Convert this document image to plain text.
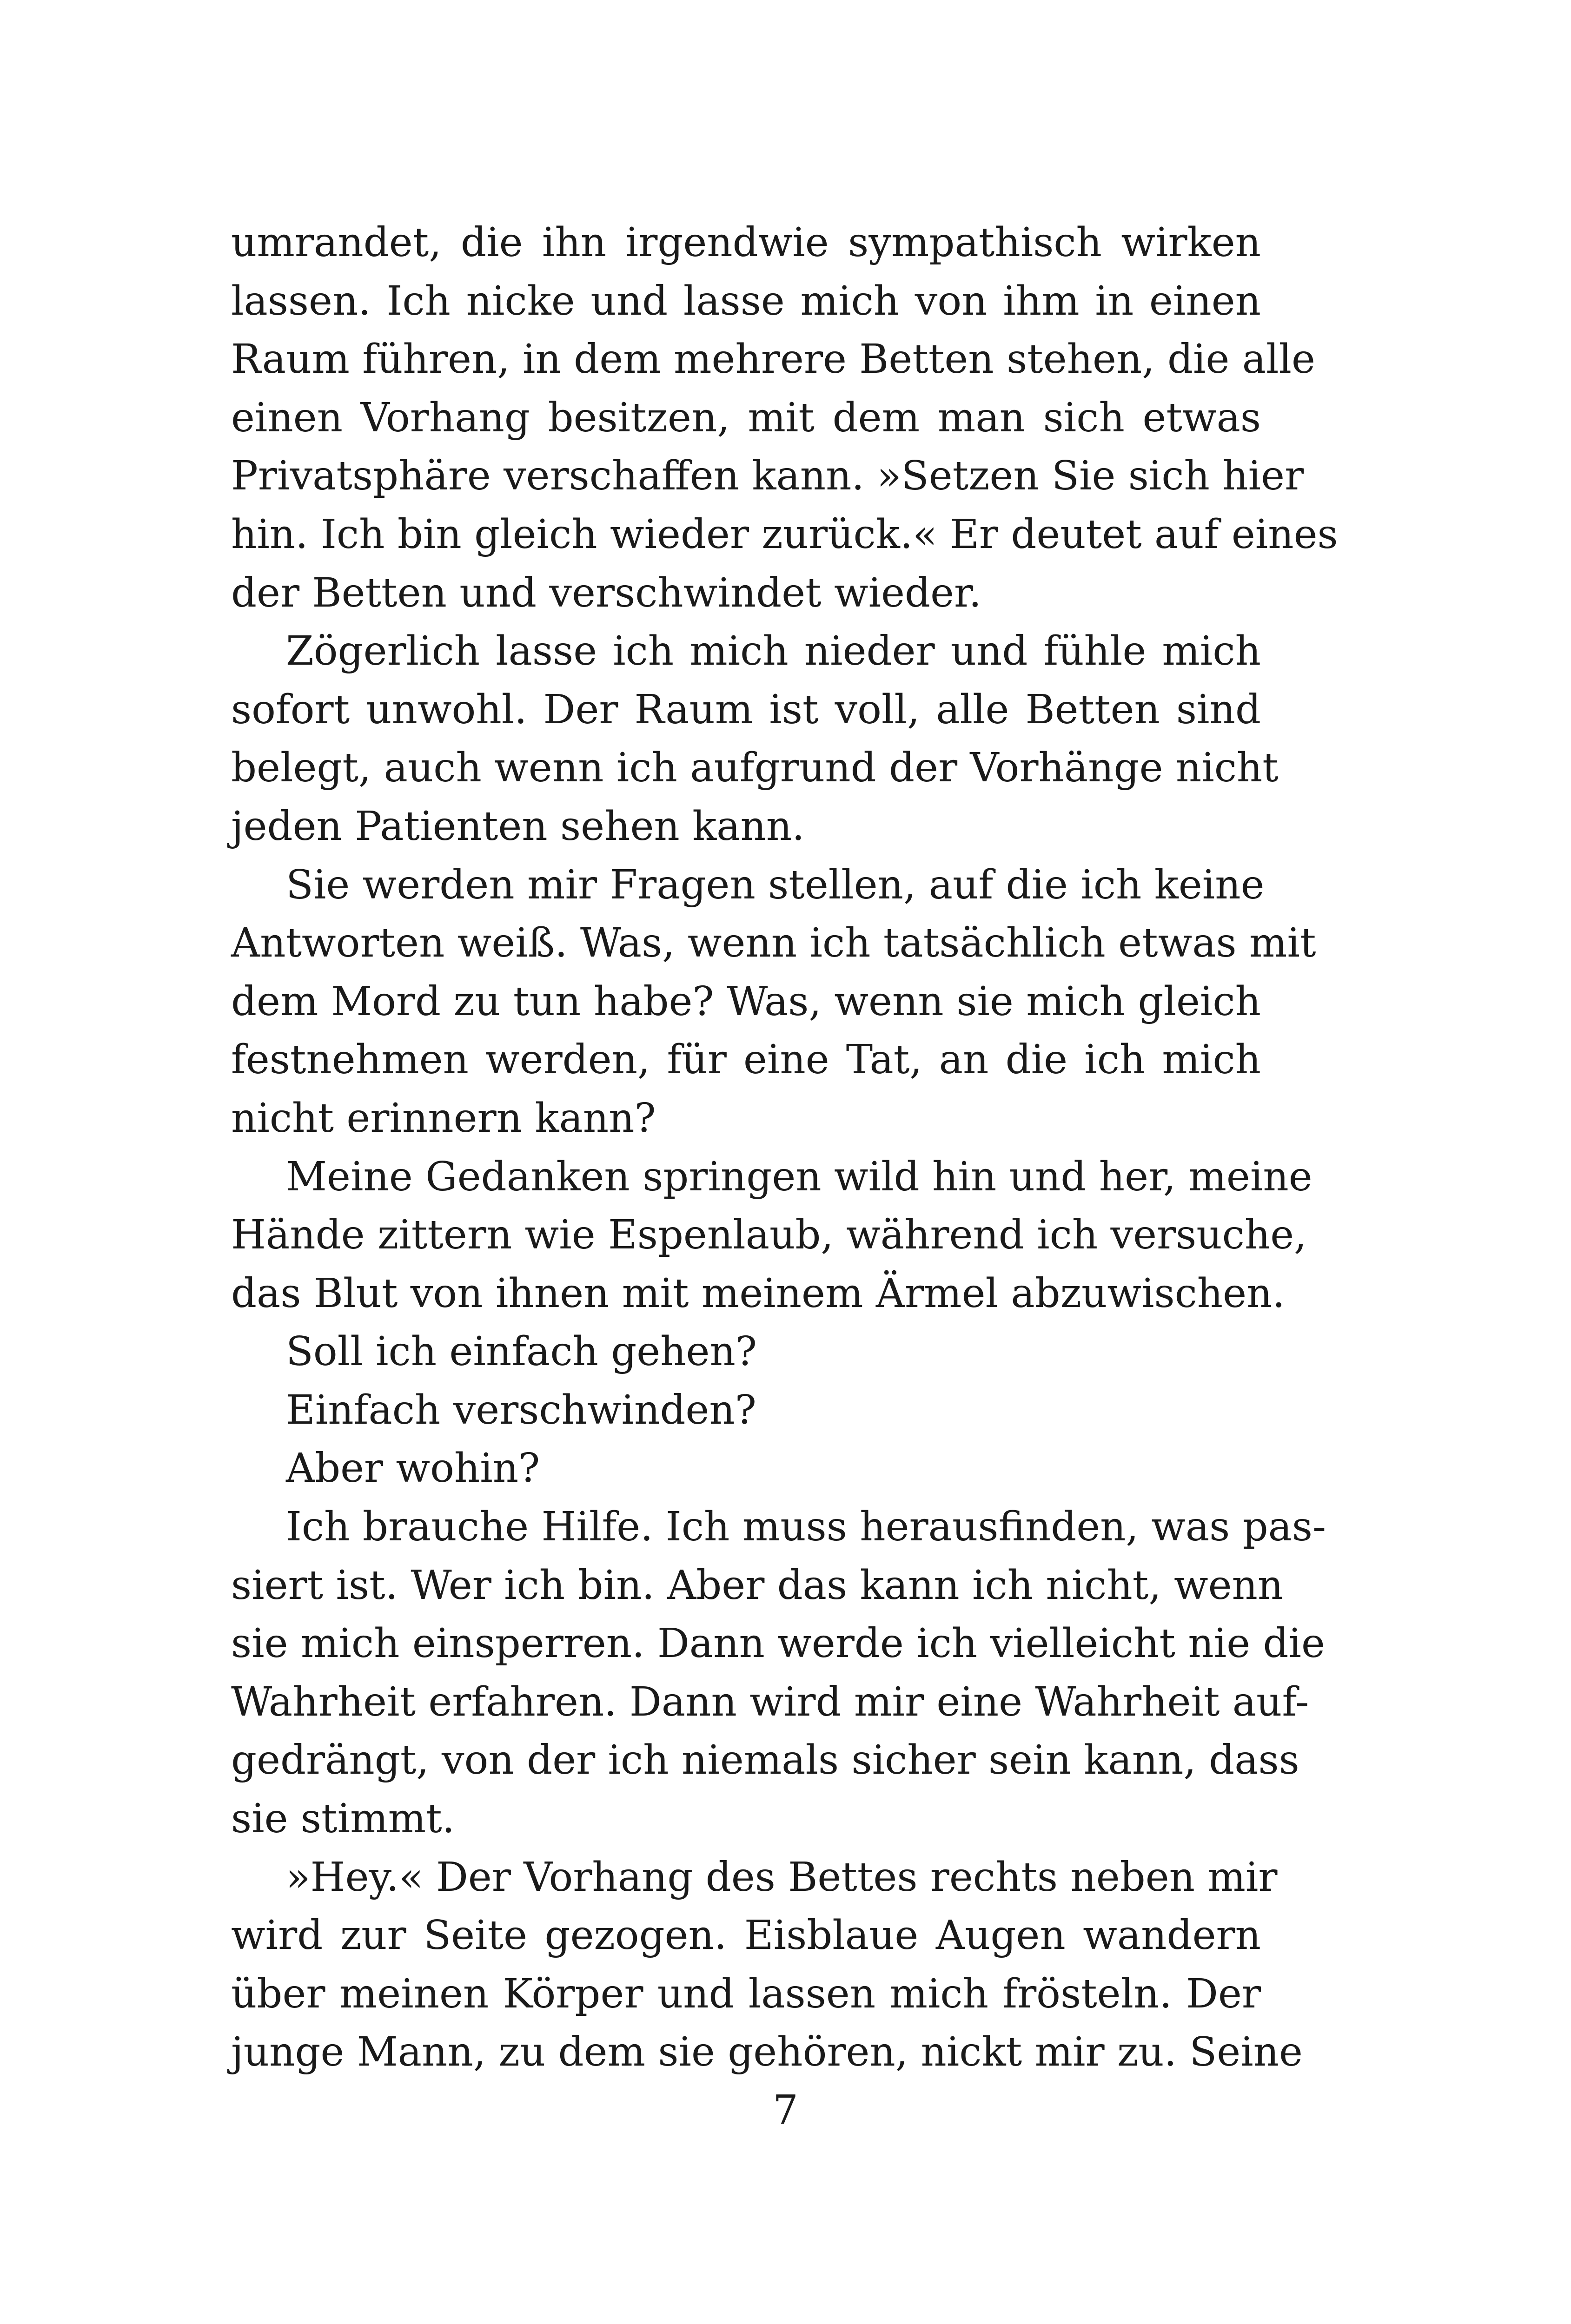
umrandet, die ihn irgendwie sympathisch wirken
lassen. Ich nicke und lasse mich von ihm in einen
Raum führen, in dem mehrere Betten stehen, die alle
einen Vorhang besitzen, mit dem man sich etwas
Privatsphäre verschaffen kann. »Setzen Sie sich hier
hin. Ich bin gleich wieder zurück.« Er deutet auf eines
der Betten und verschwindet wieder.
Zögerlich lasse ich mich nieder und fühle mich
sofort unwohl. Der Raum ist voll, alle Betten sind
belegt, auch wenn ich aufgrund der Vorhänge nicht
jeden Patienten sehen kann.
Sie werden mir Fragen stellen, auf die ich keine
Antworten weiß. Was, wenn ich tatsächlich etwas mit
dem Mord zu tun habe? Was, wenn sie mich gleich
festnehmen werden, für eine Tat, an die ich mich
nicht erinnern kann?
Meine Gedanken springen wild hin und her, meine
Hände zittern wie Espenlaub, während ich versuche,
das Blut von ihnen mit meinem Ärmel abzuwischen.
Soll ich einfach gehen?
Einfach verschwinden?
Aber wohin?
Ich brauche Hilfe. Ich muss herausfinden, was pas-
siert ist. Wer ich bin. Aber das kann ich nicht, wenn
sie mich einsperren. Dann werde ich vielleicht nie die
Wahrheit erfahren. Dann wird mir eine Wahrheit auf-
gedrängt, von der ich niemals sicher sein kann, dass
sie stimmt.
»Hey.« Der Vorhang des Bettes rechts neben mir
wird zur Seite gezogen. Eisblaue Augen wandern
über meinen Körper und lassen mich frösteln. Der
junge Mann, zu dem sie gehören, nickt mir zu. Seine
7
